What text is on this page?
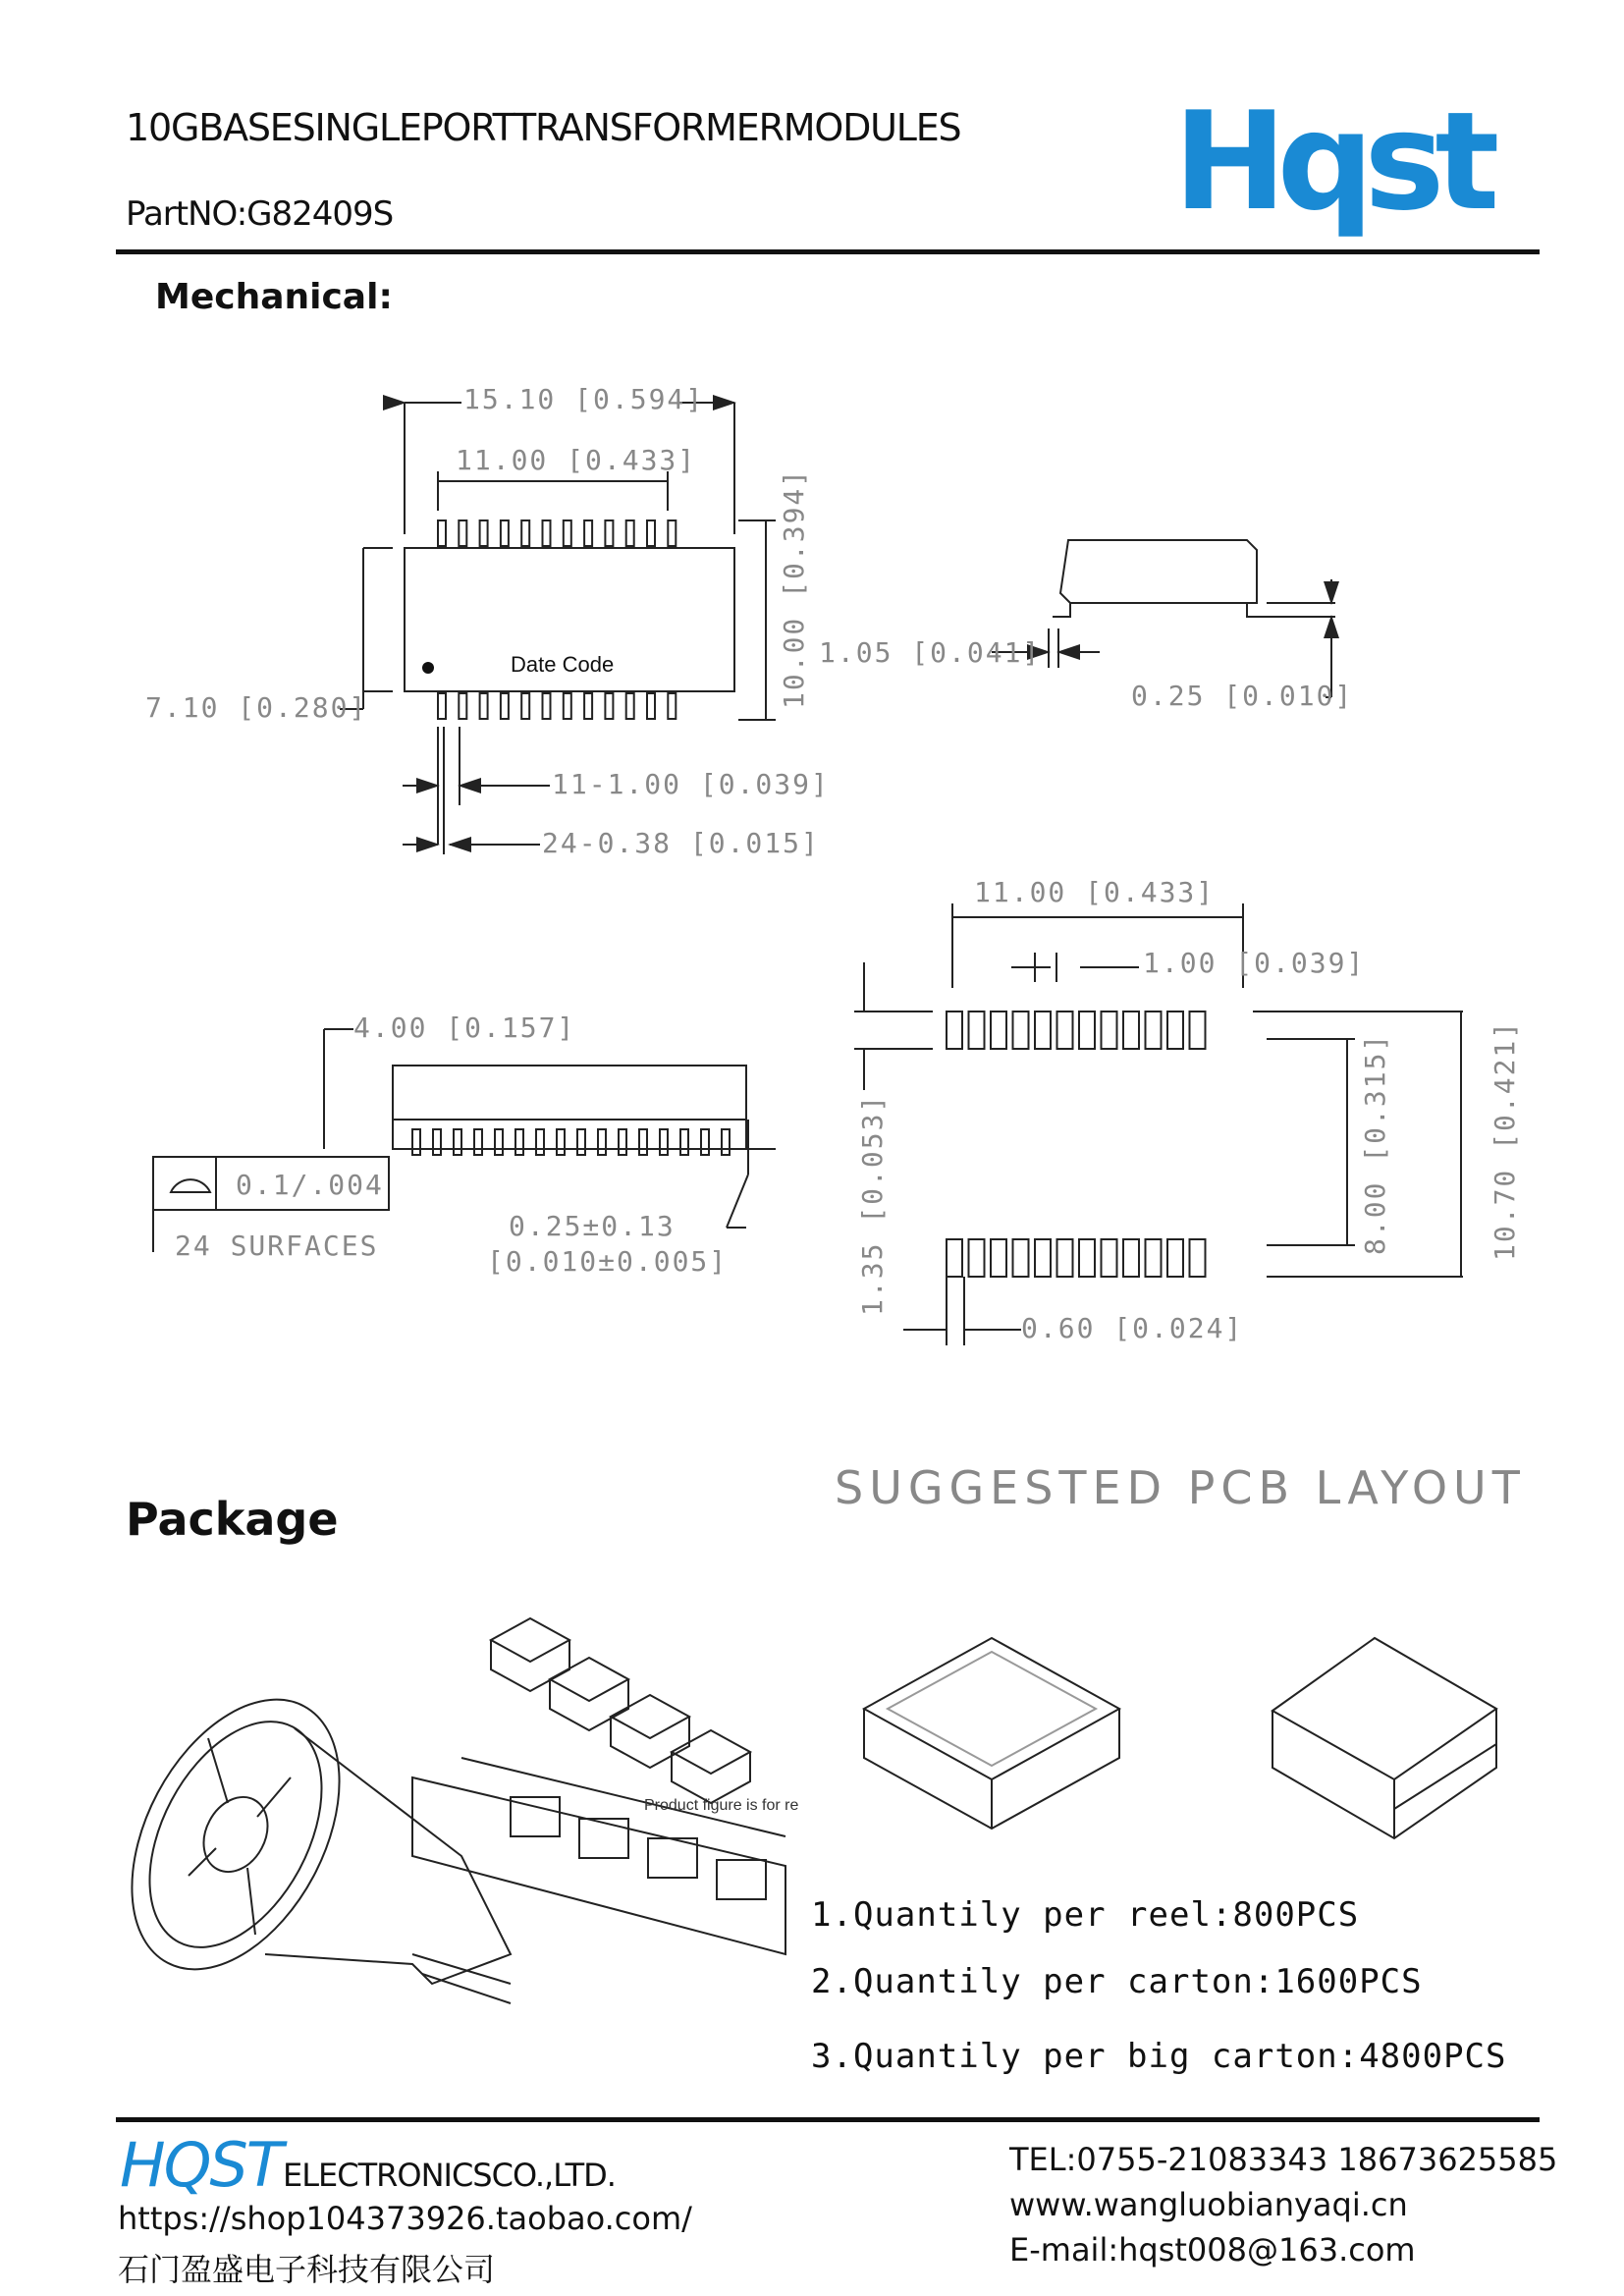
10GBASESINGLEPORTTRANSFORMERMODULES
PartNO:G82409S	Hqst
Mechanical:
15.10 [0.594]
11.00 [0.433]
10.00 [0.394]
7.10 [0.280]
11-1.00 [0.039]
24-0.38 [0.015]
Date Code	1.05 [0.041]
0.25 [0.010]
4.00 [0.157]
0.1/.004
24 SURFACES
0.25±0.13
[0.010±0.005]
11.00 [0.433]
1.00 [0.039]
1.35 [0.053]	8.00 [0.315]	10.70 [0.421]
0.60 [0.024]
SUGGESTED PCB LAYOUT
Package
Product figure is for re
1.Quantily per reel:800PCS
2.Quantily per carton:1600PCS
3.Quantily per big carton:4800PCS
HQST ELECTRONICSCO.,LTD.
https://shop104373926.taobao.com/
石门盈盛电子科技有限公司
TEL:0755-21083343 18673625585
www.wangluobianyaqi.cn
E-mail:hqst008@163.com
